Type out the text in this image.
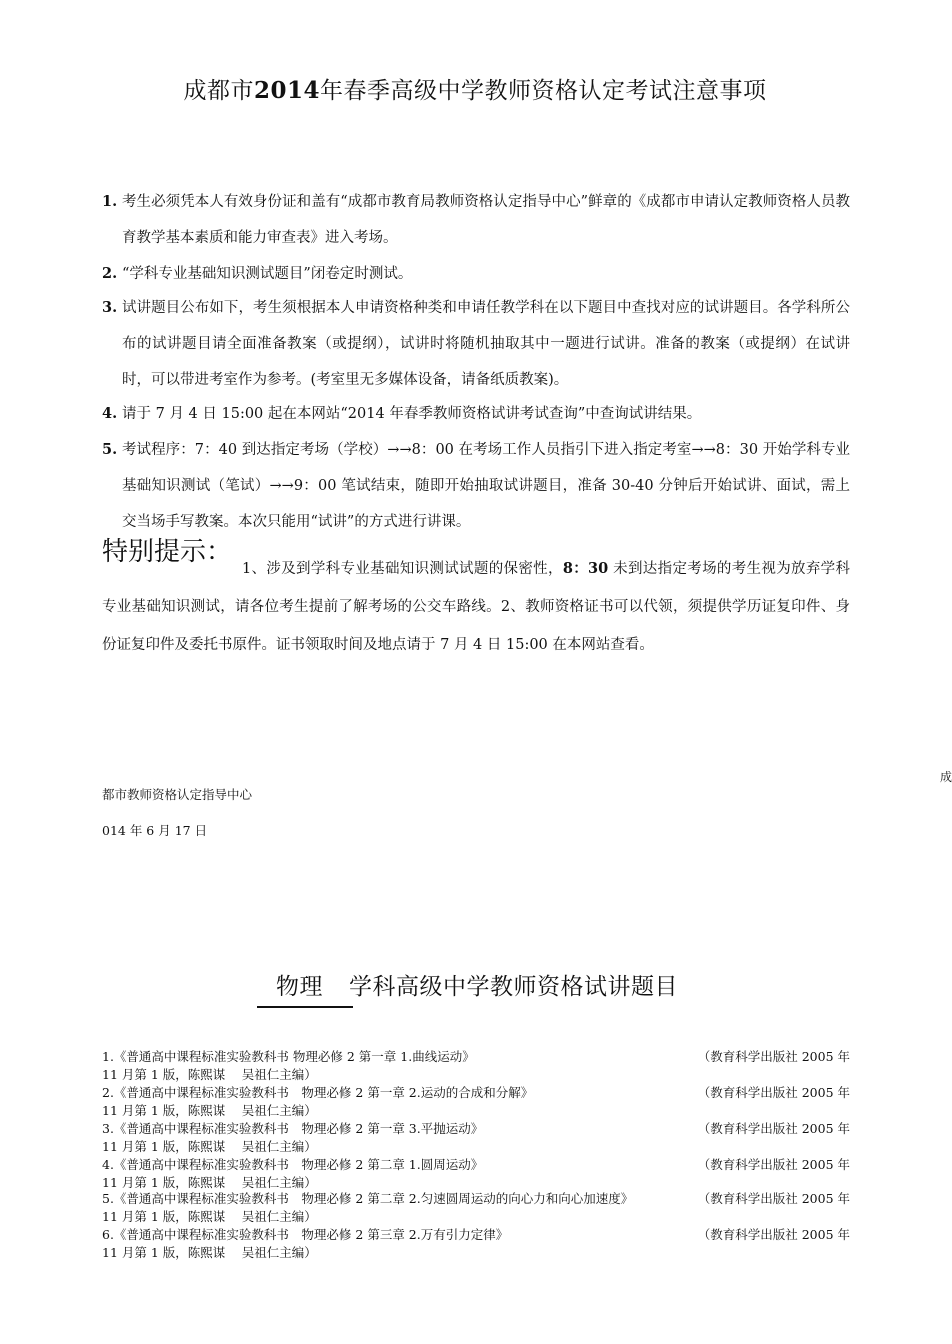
成都市2014年春季高级中学教师资格认定考试注意事项
1. 考生必须凭本人有效身份证和盖有“成都市教育局教师资格认定指导中心”鲜章的《成都市申请认定教师资格人员教育教学基本素质和能力审查表》进入考场。
2. “学科专业基础知识测试题目”闭卷定时测试。
3. 试讲题目公布如下，考生须根据本人申请资格种类和申请任教学科在以下题目中查找对应的试讲题目。各学科所公布的试讲题目请全面准备教案（或提纲），试讲时将随机抽取其中一题进行试讲。准备的教案（或提纲）在试讲时，可以带进考室作为参考。(考室里无多媒体设备，请备纸质教案)。
4. 请于 7 月 4 日 15:00 起在本网站“2014 年春季教师资格试讲考试查询”中查询试讲结果。
5. 考试程序：7：40 到达指定考场（学校）→→8：00 在考场工作人员指引下进入指定考室→→8：30 开始学科专业基础知识测试（笔试）→→9：00 笔试结束，随即开始抽取试讲题目，准备 30-40 分钟后开始试讲、面试，需上交当场手写教案。本次只能用“试讲”的方式进行讲课。
特别提示：
1、涉及到学科专业基础知识测试试题的保密性，8：30 未到达指定考场的考生视为放弃学科专业基础知识测试，请各位考生提前了解考场的公交车路线。2、教师资格证书可以代领，须提供学历证复印件、身份证复印件及委托书原件。证书领取时间及地点请于 7 月 4 日 15:00 在本网站查看。
成
都市教师资格认定指导中心
014 年 6 月 17 日
物理 学科高级中学教师资格试讲题目
1.《普通高中课程标准实验教科书 物理必修 2 第一章 1.曲线运动》	（教育科学出版社 2005 年
11 月第 1 版，陈熙谋　 吴祖仁主编）
2.《普通高中课程标准实验教科书　物理必修 2 第一章 2.运动的合成和分解》	（教育科学出版社 2005 年
11 月第 1 版，陈熙谋　 吴祖仁主编）
3.《普通高中课程标准实验教科书　物理必修 2 第一章 3.平抛运动》	（教育科学出版社 2005 年
11 月第 1 版，陈熙谋　 吴祖仁主编）
4.《普通高中课程标准实验教科书　物理必修 2 第二章 1.圆周运动》	（教育科学出版社 2005 年
11 月第 1 版，陈熙谋　 吴祖仁主编）
5.《普通高中课程标准实验教科书　物理必修 2 第二章 2.匀速圆周运动的向心力和向心加速度》	（教育科学出版社 2005 年
11 月第 1 版，陈熙谋　 吴祖仁主编）
6.《普通高中课程标准实验教科书　物理必修 2 第三章 2.万有引力定律》	（教育科学出版社 2005 年
11 月第 1 版，陈熙谋　 吴祖仁主编）
